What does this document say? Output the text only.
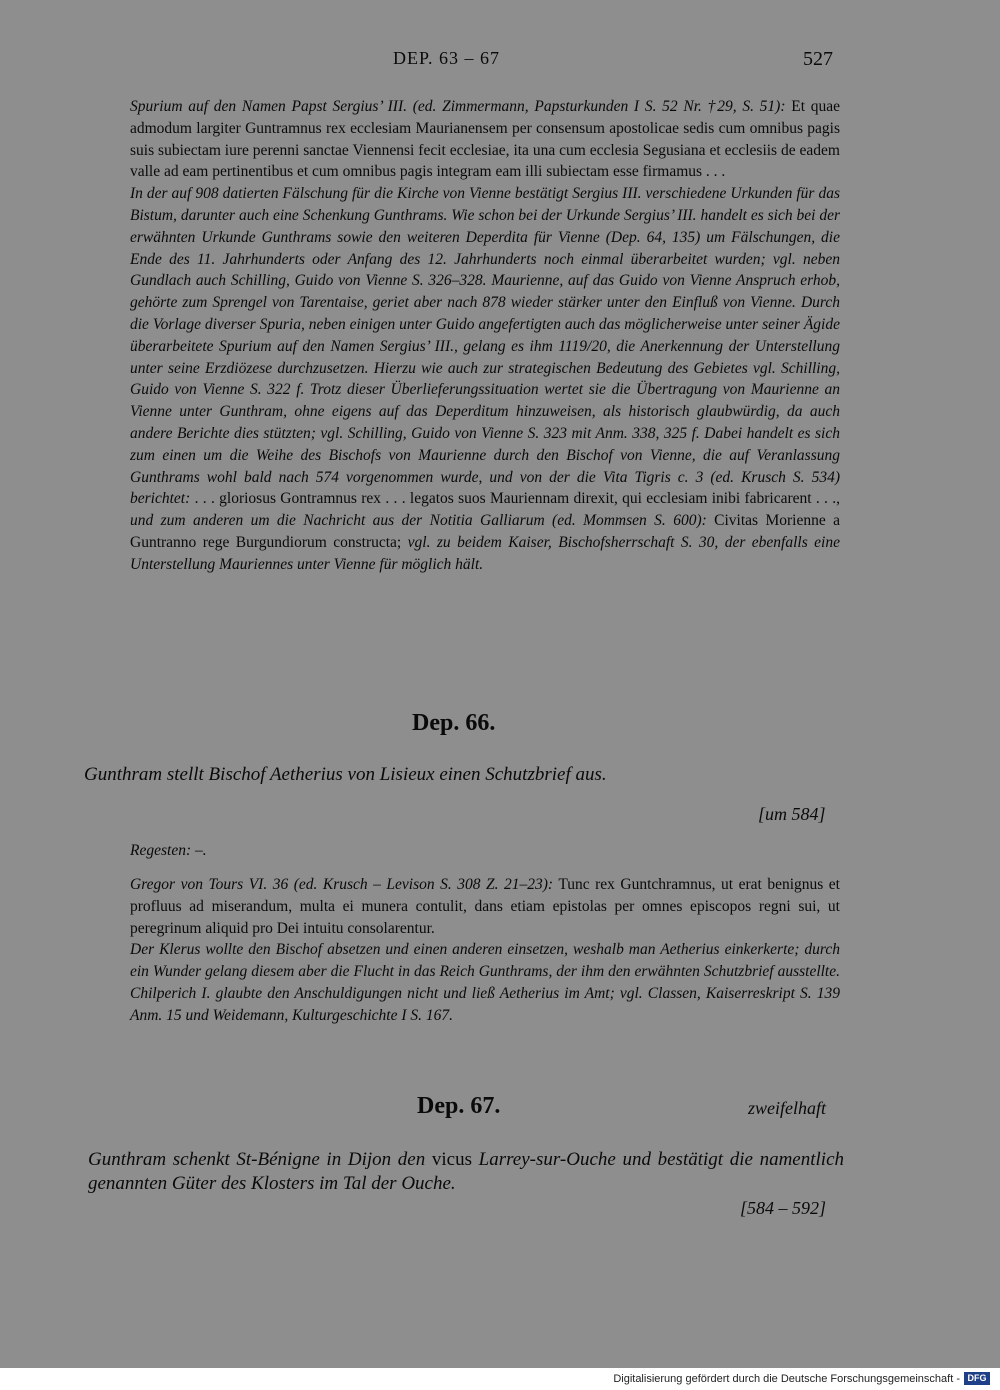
DEP. 63 – 67	527
Spurium auf den Namen Papst Sergius’ III. (ed. Zimmermann, Papsturkunden I S. 52 Nr. †29, S. 51): Et quae admodum largiter Guntramnus rex ecclesiam Maurianensem per consensum apostolicae sedis cum omnibus pagis suis subiectam iure perenni sanctae Viennensi fecit ecclesiae, ita una cum ecclesia Segusiana et ecclesiis de eadem valle ad eam pertinentibus et cum omnibus pagis integram eam illi subiectam esse firmamus . . .
In der auf 908 datierten Fälschung für die Kirche von Vienne bestätigt Sergius III. verschiedene Urkunden für das Bistum, darunter auch eine Schenkung Gunthrams. Wie schon bei der Urkunde Sergius’ III. handelt es sich bei der erwähnten Urkunde Gunthrams sowie den weiteren Deperdita für Vienne (Dep. 64, 135) um Fälschungen, die Ende des 11. Jahrhunderts oder Anfang des 12. Jahrhunderts noch einmal überarbeitet wurden; vgl. neben Gundlach auch Schilling, Guido von Vienne S. 326–328. Maurienne, auf das Guido von Vienne Anspruch erhob, gehörte zum Sprengel von Tarentaise, geriet aber nach 878 wieder stärker unter den Einfluß von Vienne. Durch die Vorlage diverser Spuria, neben einigen unter Guido angefertigten auch das möglicherweise unter seiner Ägide überarbeitete Spurium auf den Namen Sergius’ III., gelang es ihm 1119/20, die Anerkennung der Unterstellung unter seine Erzdiözese durchzusetzen. Hierzu wie auch zur strategischen Bedeutung des Gebietes vgl. Schilling, Guido von Vienne S. 322 f. Trotz dieser Überlieferungssituation wertet sie die Übertragung von Maurienne an Vienne unter Gunthram, ohne eigens auf das Deperditum hinzuweisen, als historisch glaubwürdig, da auch andere Berichte dies stützten; vgl. Schilling, Guido von Vienne S. 323 mit Anm. 338, 325 f. Dabei handelt es sich zum einen um die Weihe des Bischofs von Maurienne durch den Bischof von Vienne, die auf Veranlassung Gunthrams wohl bald nach 574 vorgenommen wurde, und von der die Vita Tigris c. 3 (ed. Krusch S. 534) berichtet: . . . gloriosus Gontramnus rex . . . legatos suos Mauriennam direxit, qui ecclesiam inibi fabricarent . . ., und zum anderen um die Nachricht aus der Notitia Galliarum (ed. Mommsen S. 600): Civitas Morienne a Guntranno rege Burgundiorum constructa; vgl. zu beidem Kaiser, Bischofsherrschaft S. 30, der ebenfalls eine Unterstellung Mauriennes unter Vienne für möglich hält.
Dep. 66.
Gunthram stellt Bischof Aetherius von Lisieux einen Schutzbrief aus.
[um 584]
Regesten: –.
Gregor von Tours VI. 36 (ed. Krusch – Levison S. 308 Z. 21–23): Tunc rex Guntchramnus, ut erat benignus et profluus ad miserandum, multa ei munera contulit, dans etiam epistolas per omnes episcopos regni sui, ut peregrinum aliquid pro Dei intuitu consolarentur.
Der Klerus wollte den Bischof absetzen und einen anderen einsetzen, weshalb man Aetherius einkerkerte; durch ein Wunder gelang diesem aber die Flucht in das Reich Gunthrams, der ihm den erwähnten Schutzbrief ausstellte. Chilperich I. glaubte den Anschuldigungen nicht und ließ Aetherius im Amt; vgl. Classen, Kaiserreskript S. 139 Anm. 15 und Weidemann, Kulturgeschichte I S. 167.
Dep. 67.	zweifelhaft
Gunthram schenkt St-Bénigne in Dijon den vicus Larrey-sur-Ouche und bestätigt die namentlich genannten Güter des Klosters im Tal der Ouche.
[584 – 592]
Digitalisierung gefördert durch die Deutsche Forschungsgemeinschaft - DFG
